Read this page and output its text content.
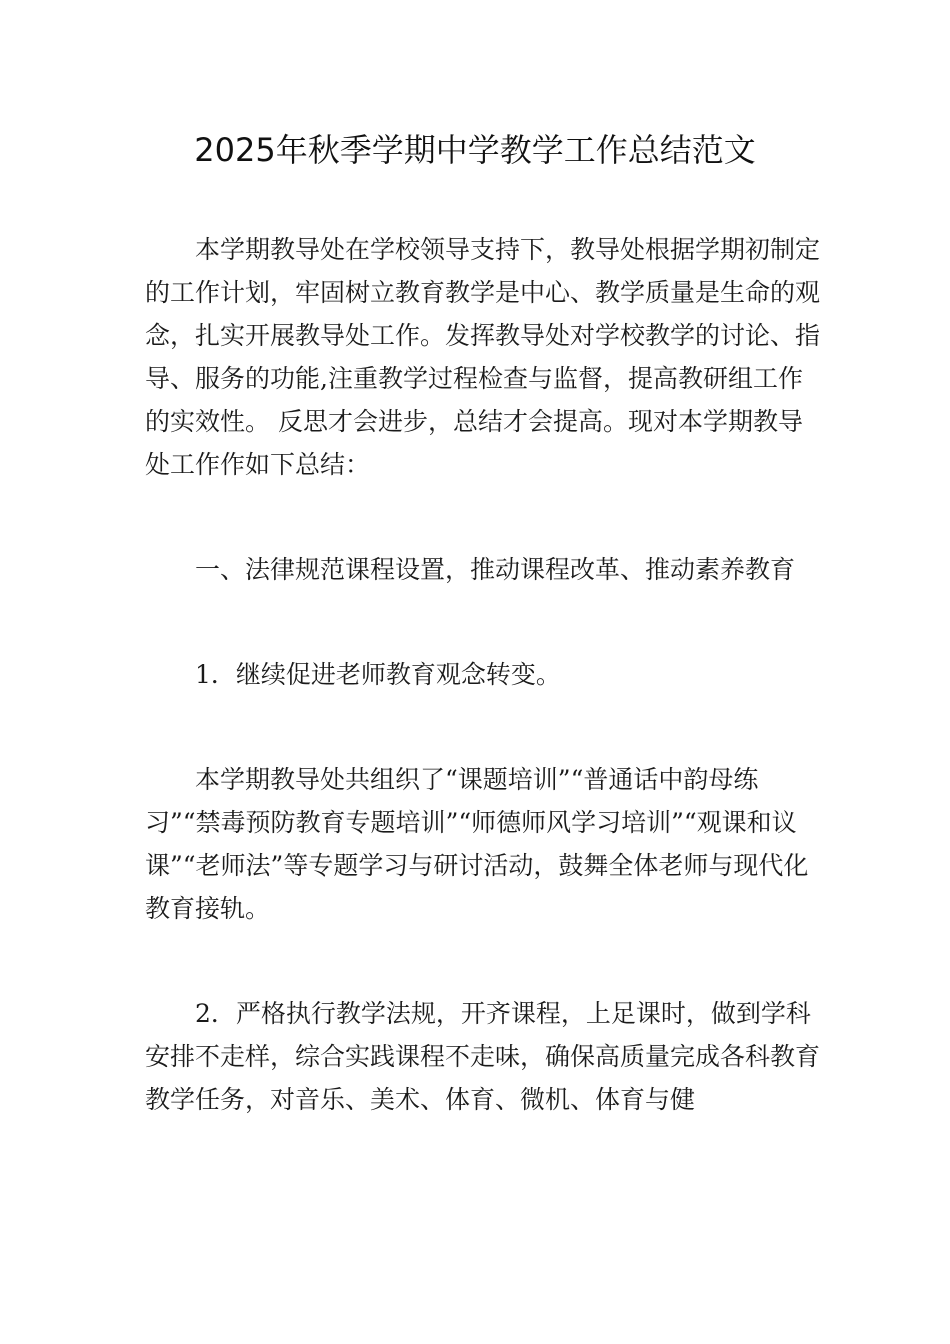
2025年秋季学期中学教学工作总结范文

本学期教导处在学校领导支持下，教导处根据学期初制定的工作计划，牢固树立教育教学是中心、教学质量是生命的观念，扎实开展教导处工作。发挥教导处对学校教学的讨论、指导、服务的功能,注重教学过程检查与监督，提高教研组工作的实效性。 反思才会进步，总结才会提高。现对本学期教导处工作作如下总结：

一、法律规范课程设置，推动课程改革、推动素养教育

1．继续促进老师教育观念转变。

本学期教导处共组织了“课题培训”“普通话中韵母练习”“禁毒预防教育专题培训”“师德师风学习培训”“观课和议课”“老师法”等专题学习与研讨活动，鼓舞全体老师与现代化教育接轨。

2．严格执行教学法规，开齐课程，上足课时，做到学科安排不走样，综合实践课程不走味，确保高质量完成各科教育教学任务，对音乐、美术、体育、微机、体育与健
